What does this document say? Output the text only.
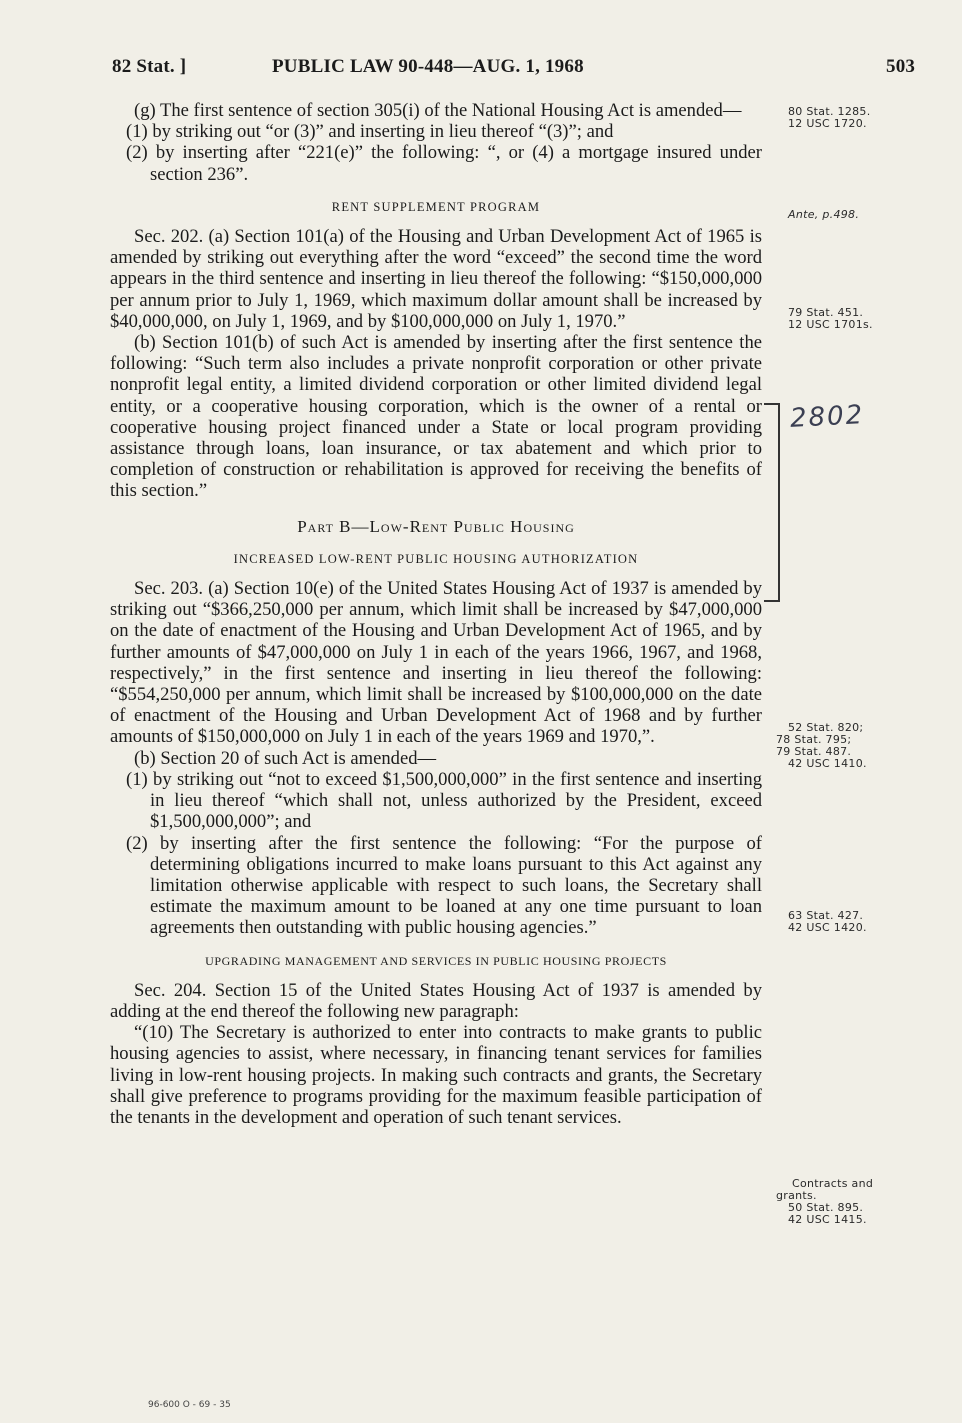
82 Stat. ]	PUBLIC LAW 90-448—AUG. 1, 1968	503

(g) The first sentence of section 305(i) of the National Housing Act is amended—

(1) by striking out “or (3)” and inserting in lieu thereof “(3)”; and

(2) by inserting after “221(e)” the following: “, or (4) a mortgage insured under section 236”.

RENT SUPPLEMENT PROGRAM

Sec. 202. (a) Section 101(a) of the Housing and Urban Development Act of 1965 is amended by striking out everything after the word “exceed” the second time the word appears in the third sentence and inserting in lieu thereof the following: “$150,000,000 per annum prior to July 1, 1969, which maximum dollar amount shall be increased by $40,000,000, on July 1, 1969, and by $100,000,000 on July 1, 1970.”

(b) Section 101(b) of such Act is amended by inserting after the first sentence the following: “Such term also includes a private nonprofit corporation or other private nonprofit legal entity, a limited dividend corporation or other limited dividend legal entity, or a cooperative housing corporation, which is the owner of a rental or cooperative housing project financed under a State or local program providing assistance through loans, loan insurance, or tax abatement and which prior to completion of construction or rehabilitation is approved for receiving the benefits of this section.”

Part B—Low-Rent Public Housing
INCREASED LOW-RENT PUBLIC HOUSING AUTHORIZATION

Sec. 203. (a) Section 10(e) of the United States Housing Act of 1937 is amended by striking out “$366,250,000 per annum, which limit shall be increased by $47,000,000 on the date of enactment of the Housing and Urban Development Act of 1965, and by further amounts of $47,000,000 on July 1 in each of the years 1966, 1967, and 1968, respectively,” in the first sentence and inserting in lieu thereof the following: “$554,250,000 per annum, which limit shall be increased by $100,000,000 on the date of enactment of the Housing and Urban Development Act of 1968 and by further amounts of $150,000,000 on July 1 in each of the years 1969 and 1970,”.

(b) Section 20 of such Act is amended—

(1) by striking out “not to exceed $1,500,000,000” in the first sentence and inserting in lieu thereof “which shall not, unless authorized by the President, exceed $1,500,000,000”; and

(2) by inserting after the first sentence the following: “For the purpose of determining obligations incurred to make loans pursuant to this Act against any limitation otherwise applicable with respect to such loans, the Secretary shall estimate the maximum amount to be loaned at any one time pursuant to loan agreements then outstanding with public housing agencies.”

UPGRADING MANAGEMENT AND SERVICES IN PUBLIC HOUSING PROJECTS

Sec. 204. Section 15 of the United States Housing Act of 1937 is amended by adding at the end thereof the following new paragraph:

“(10) The Secretary is authorized to enter into contracts to make grants to public housing agencies to assist, where necessary, in financing tenant services for families living in low-rent housing projects. In making such contracts and grants, the Secretary shall give preference to programs providing for the maximum feasible participation of the tenants in the development and operation of such tenant services.

80 Stat. 1285.
12 USC 1720.
Ante, p.498.
79 Stat. 451.
12 USC 1701s.
52 Stat. 820;
78 Stat. 795;
79 Stat. 487.
42 USC 1410.
63 Stat. 427.
42 USC 1420.
Contracts and
grants.
50 Stat. 895.
42 USC 1415.
2802
96-600 O - 69 - 35
